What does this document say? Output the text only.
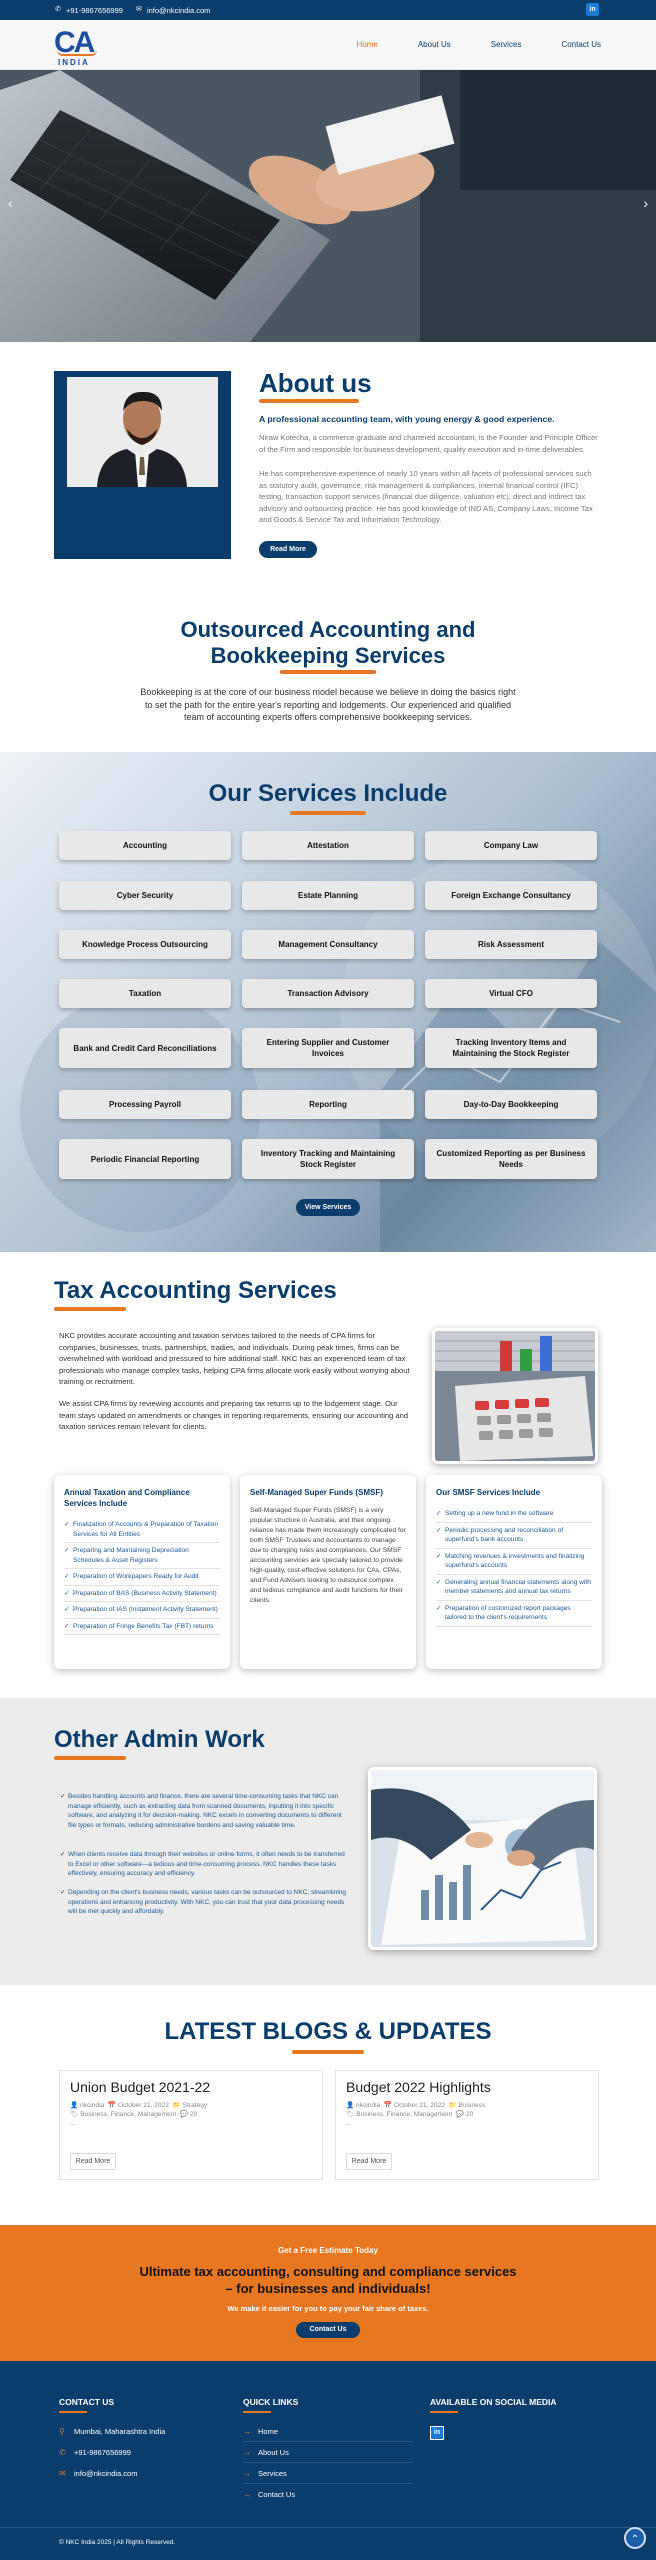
✆ +91-9867656999 ✉ info@nkcindia.com	in
CA
INDIA
Home	About Us	Services	Contact Us
‹	›
About us
A professional accounting team, with young energy & good experience.
Niraw Kotecha, a commerce graduate and chartered accountant, is the Founder and Principle Officer of the Firm and responsible for business development, quality execution and in-time deliverables.
He has comprehensive experience of nearly 10 years within all facets of professional services such as statutory audit, governance, risk management & compliances, internal financial control (IFC) testing, transaction support services (financial due diligence, valuation etc), direct and indirect tax advisory and outsourcing practice. He has good knowledge of IND AS, Company Laws, Income Tax and Goods & Service Tax and Information Technology.
Read More
Outsourced Accounting and
Bookkeeping Services
Bookkeeping is at the core of our business model because we believe in doing the basics right to set the path for the entire year's reporting and lodgements. Our experienced and qualified team of accounting experts offers comprehensive bookkeeping services.
Our Services Include
Accounting	Attestation	Company Law
Cyber Security	Estate Planning	Foreign Exchange Consultancy
Knowledge Process Outsourcing	Management Consultancy	Risk Assessment
Taxation	Transaction Advisory	Virtual CFO
Bank and Credit Card Reconciliations
Entering Supplier and Customer Invoices
Tracking Inventory Items and Maintaining the Stock Register
Processing Payroll	Reporting	Day-to-Day Bookkeeping
Periodic Financial Reporting
Inventory Tracking and Maintaining Stock Register
Customized Reporting as per Business Needs
View Services
Tax Accounting Services
NKC provides accurate accounting and taxation services tailored to the needs of CPA firms for companies, businesses, trusts, partnerships, tradies, and individuals. During peak times, firms can be overwhelmed with workload and pressured to hire additional staff. NKC has an experienced team of tax professionals who manage complex tasks, helping CPA firms allocate work easily without worrying about training or recruitment.
We assist CPA firms by reviewing accounts and preparing tax returns up to the lodgement stage. Our team stays updated on amendments or changes in reporting requirements, ensuring our accounting and taxation services remain relevant for clients.
Annual Taxation and Compliance Services Include
✓ Finalization of Accounts & Preparation of Taxation Services for All Entities
✓ Preparing and Maintaining Depreciation Schedules & Asset Registers
✓ Preparation of Workpapers Ready for Audit
✓ Preparation of BAS (Business Activity Statement)
✓ Preparation of IAS (Instalment Activity Statement)
✓ Preparation of Fringe Benefits Tax (FBT) returns
Self-Managed Super Funds (SMSF)

Self-Managed Super Funds (SMSF) is a very popular structure in Australia, and their ongoing reliance has made them increasingly complicated for both SMSF Trustees and Accountants to manage due to changing rules and compliances. Our SMSF accounting services are specially tailored to provide high-quality, cost-effective solutions for CAs, CPAs, and Fund Advisers looking to outsource complex and tedious compliance and audit functions for their clients.

Our SMSF Services Include
✓ Setting up a new fund in the software
✓ Periodic processing and reconciliation of superfund's bank accounts
✓ Matching revenues & investments and finalizing superfund's accounts
✓ Generating annual financial statements along with member statements and annual tax returns
✓ Preparation of customized report packages tailored to the client's requirements
Other Admin Work
✓ Besides handling accounts and finance, there are several time-consuming tasks that NKC can manage efficiently, such as extracting data from scanned documents, inputting it into specific software, and analyzing it for decision-making. NKC excels in converting documents to different file types or formats, reducing administrative burdens and saving valuable time.
✓ When clients receive data through their websites or online forms, it often needs to be transferred to Excel or other software—a tedious and time-consuming process. NKC handles these tasks effectively, ensuring accuracy and efficiency.
✓ Depending on the client's business needs, various tasks can be outsourced to NKC, streamlining operations and enhancing productivity. With NKC, you can trust that your data processing needs will be met quickly and affordably.
LATEST BLOGS & UPDATES
Union Budget 2021-22
👤 nkcindia 📅 October 21, 2022 📁 Strategy
🏷 Business, Finance, Management 💬 20
...
Read More
Budget 2022 Highlights
👤 nkcindia 📅 October 21, 2022 📁 Business
🏷 Business, Finance, Management 💬 20
...
Read More
Get a Free Estimate Today
Ultimate tax accounting, consulting and compliance services
– for businesses and individuals!
We make it easier for you to pay your fair share of taxes.
Contact Us
CONTACT US
⚲ Mumbai, Maharashtra India
✆ +91-9867656999
✉ info@nkcindia.com
QUICK LINKS
→ Home
→ About Us
→ Services
→ Contact Us
AVAILABLE ON SOCIAL MEDIA
in
© NKC India 2025 | All Rights Reserved.	⌃
